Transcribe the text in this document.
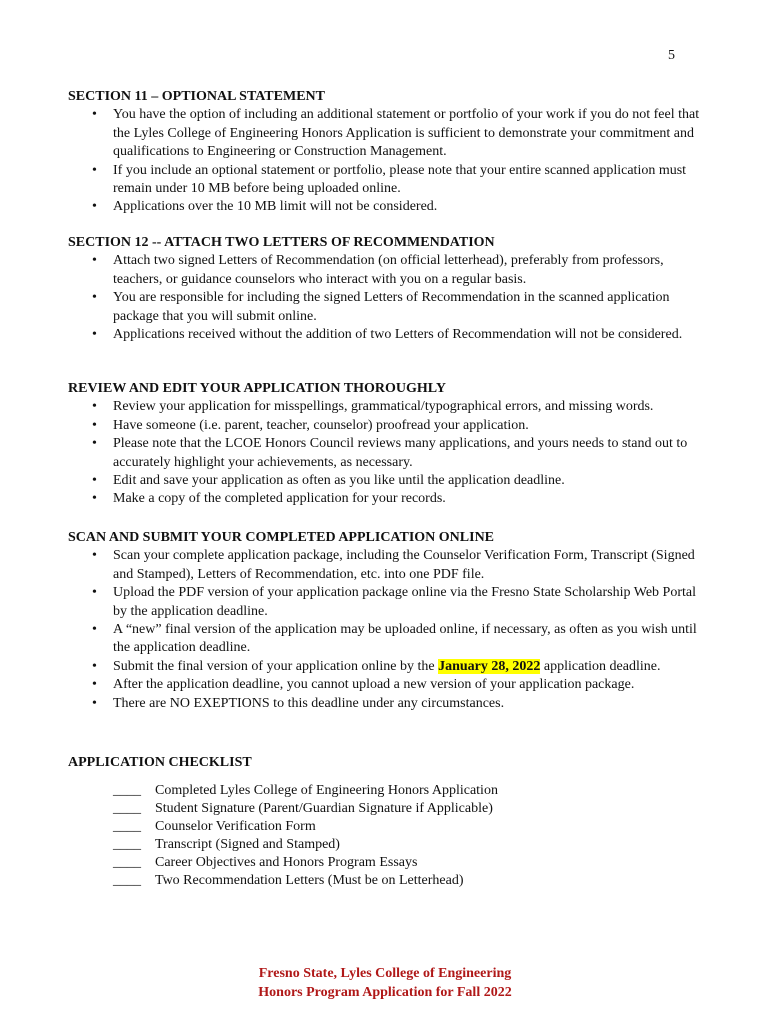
5
SECTION 11 – OPTIONAL STATEMENT
• You have the option of including an additional statement or portfolio of your work if you do not feel that the Lyles College of Engineering Honors Application is sufficient to demonstrate your commitment and qualifications to Engineering or Construction Management.
• If you include an optional statement or portfolio, please note that your entire scanned application must remain under 10 MB before being uploaded online.
• Applications over the 10 MB limit will not be considered.
SECTION 12 -- ATTACH TWO LETTERS OF RECOMMENDATION
• Attach two signed Letters of Recommendation (on official letterhead), preferably from professors, teachers, or guidance counselors who interact with you on a regular basis.
• You are responsible for including the signed Letters of Recommendation in the scanned application package that you will submit online.
• Applications received without the addition of two Letters of Recommendation will not be considered.
REVIEW AND EDIT YOUR APPLICATION THOROUGHLY
• Review your application for misspellings, grammatical/typographical errors, and missing words.
• Have someone (i.e. parent, teacher, counselor) proofread your application.
• Please note that the LCOE Honors Council reviews many applications, and yours needs to stand out to accurately highlight your achievements, as necessary.
• Edit and save your application as often as you like until the application deadline.
• Make a copy of the completed application for your records.
SCAN AND SUBMIT YOUR COMPLETED APPLICATION ONLINE
• Scan your complete application package, including the Counselor Verification Form, Transcript (Signed and Stamped), Letters of Recommendation, etc. into one PDF file.
• Upload the PDF version of your application package online via the Fresno State Scholarship Web Portal by the application deadline.
• A “new” final version of the application may be uploaded online, if necessary, as often as you wish until the application deadline.
• Submit the final version of your application online by the January 28, 2022 application deadline.
• After the application deadline, you cannot upload a new version of your application package.
• There are NO EXEPTIONS to this deadline under any circumstances.
APPLICATION CHECKLIST
____	Completed Lyles College of Engineering Honors Application
____	Student Signature (Parent/Guardian Signature if Applicable)
____	Counselor Verification Form
____	Transcript (Signed and Stamped)
____	Career Objectives and Honors Program Essays
____	Two Recommendation Letters (Must be on Letterhead)
Fresno State, Lyles College of Engineering
Honors Program Application for Fall 2022
